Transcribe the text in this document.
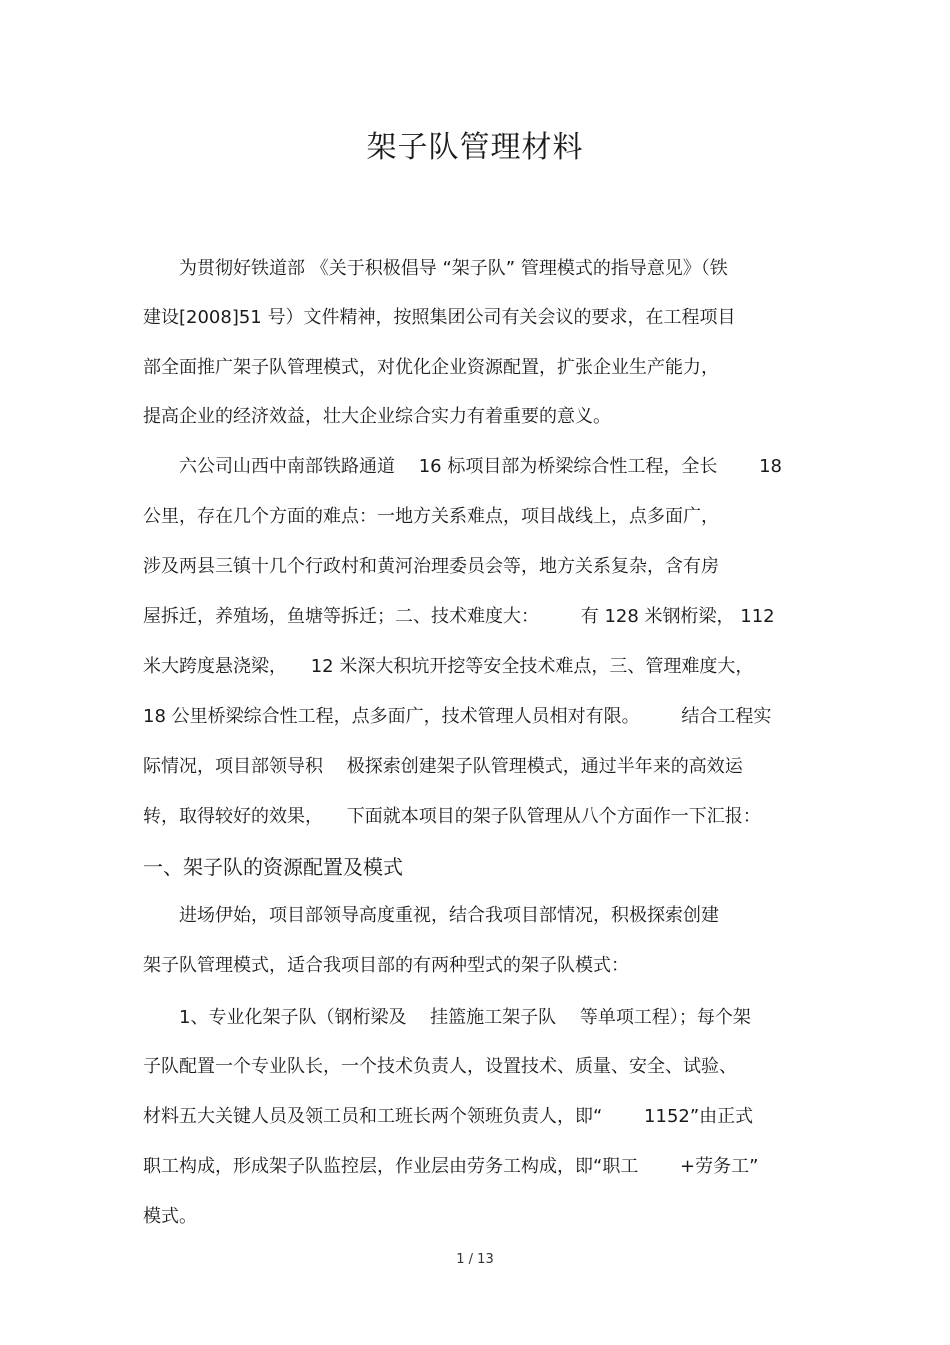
架子队管理材料
　　为贯彻好铁道部 《关于积极倡导 “架子队” 管理模式的指导意见》（铁
建设[2008]51 号）文件精神，按照集团公司有关会议的要求，在工程项目
部全面推广架子队管理模式，对优化企业资源配置，扩张企业生产能力，
提高企业的经济效益，壮大企业综合实力有着重要的意义。
　　六公司山西中南部铁路通道 　16 标项目部为桥梁综合性工程，全长 　　18
公里，存在几个方面的难点：一地方关系难点，项目战线上，点多面广，
涉及两县三镇十几个行政村和黄河治理委员会等，地方关系复杂，含有房
屋拆迁，养殖场，鱼塘等拆迁；二、技术难度大： 　　有 128 米钢桁梁， 112
米大跨度悬浇梁， 　12 米深大积坑开挖等安全技术难点，三、管理难度大，
18 公里桥梁综合性工程，点多面广，技术管理人员相对有限。 　　结合工程实
际情况，项目部领导积 　极探索创建架子队管理模式，通过半年来的高效运
转，取得较好的效果， 　下面就本项目的架子队管理从八个方面作一下汇报：
一、架子队的资源配置及模式
　　进场伊始，项目部领导高度重视，结合我项目部情况，积极探索创建
架子队管理模式，适合我项目部的有两种型式的架子队模式：
　　1、专业化架子队（钢桁梁及 　挂篮施工架子队 　等单项工程）；每个架
子队配置一个专业队长，一个技术负责人，设置技术、质量、安全、试验、
材料五大关键人员及领工员和工班长两个领班负责人，即“ 　　1152”由正式
职工构成，形成架子队监控层，作业层由劳务工构成，即“职工 　　+劳务工”
模式。
1 / 13
